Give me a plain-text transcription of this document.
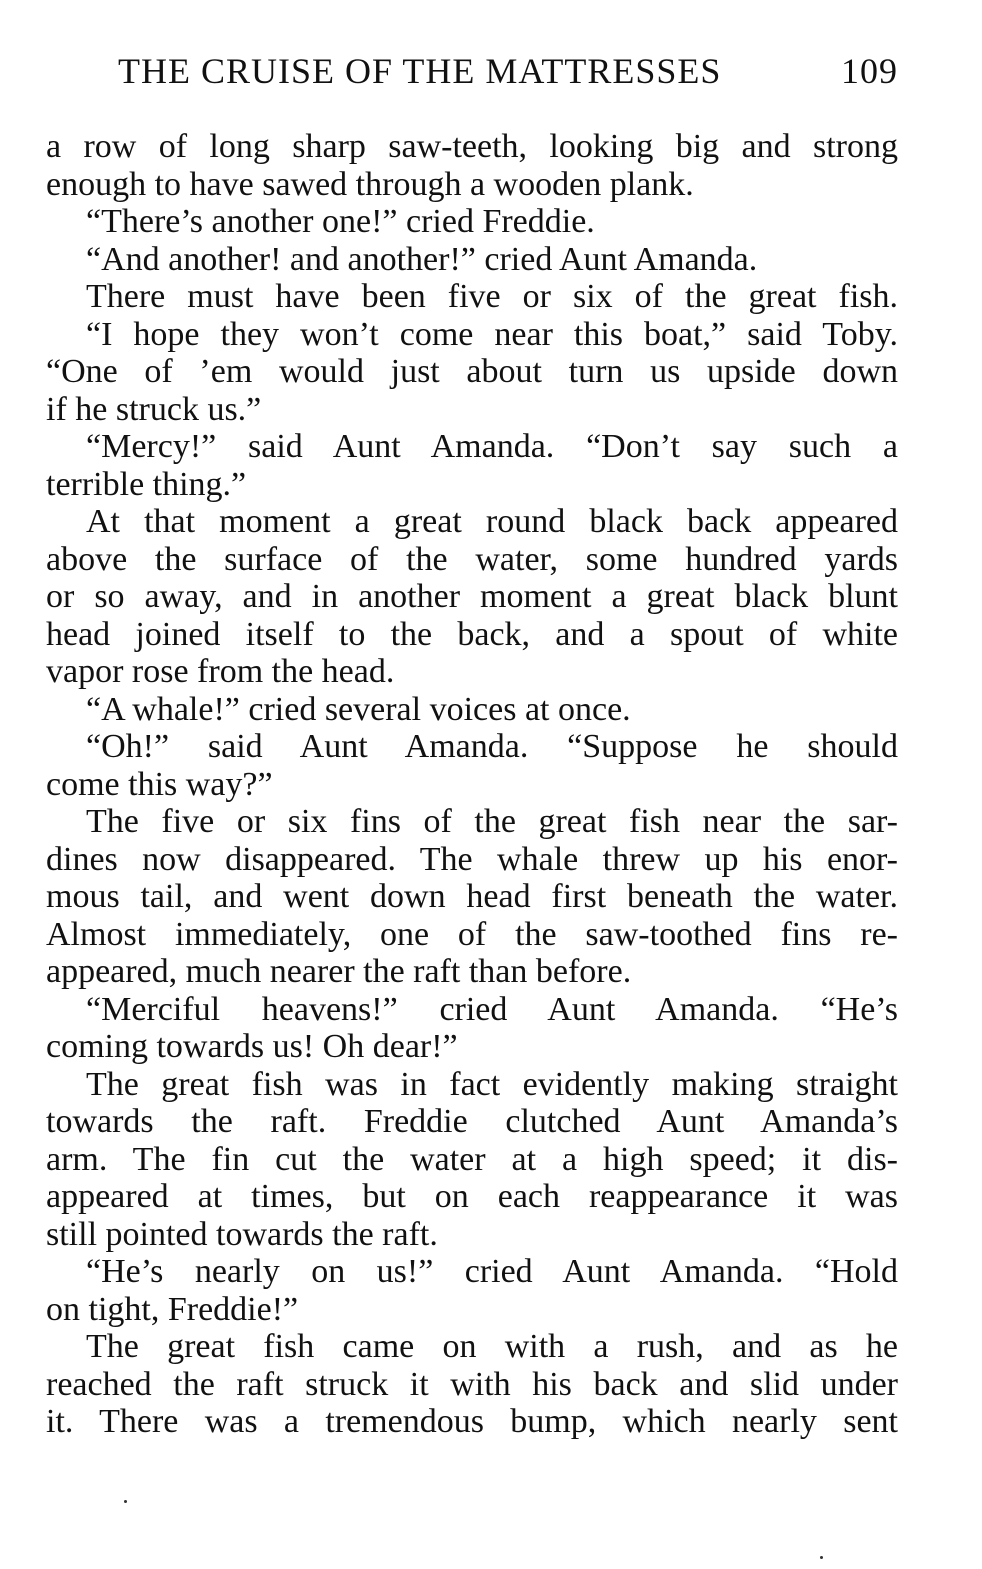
THE CRUISE OF THE MATTRESSES	109
a row of long sharp saw-teeth, looking big and strong
enough to have sawed through a wooden plank.
“There’s another one!” cried Freddie.
“And another! and another!” cried Aunt Amanda.
There must have been five or six of the great fish.
“I hope they won’t come near this boat,” said Toby.
“One of ’em would just about turn us upside down
if he struck us.”
“Mercy!” said Aunt Amanda. “Don’t say such a
terrible thing.”
At that moment a great round black back appeared
above the surface of the water, some hundred yards
or so away, and in another moment a great black blunt
head joined itself to the back, and a spout of white
vapor rose from the head.
“A whale!” cried several voices at once.
“Oh!” said Aunt Amanda. “Suppose he should
come this way?”
The five or six fins of the great fish near the sar-
dines now disappeared. The whale threw up his enor-
mous tail, and went down head first beneath the water.
Almost immediately, one of the saw-toothed fins re-
appeared, much nearer the raft than before.
“Merciful heavens!” cried Aunt Amanda. “He’s
coming towards us! Oh dear!”
The great fish was in fact evidently making straight
towards the raft. Freddie clutched Aunt Amanda’s
arm. The fin cut the water at a high speed; it dis-
appeared at times, but on each reappearance it was
still pointed towards the raft.
“He’s nearly on us!” cried Aunt Amanda. “Hold
on tight, Freddie!”
The great fish came on with a rush, and as he
reached the raft struck it with his back and slid under
it. There was a tremendous bump, which nearly sent
